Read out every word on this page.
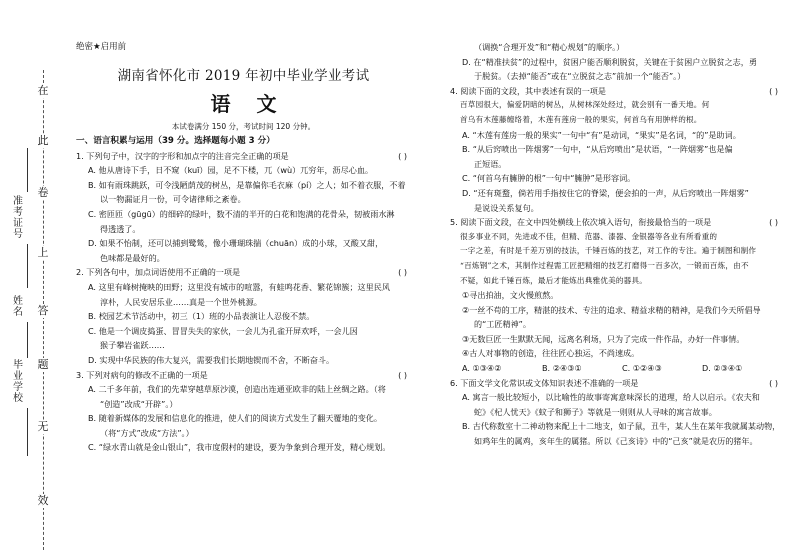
在
此
卷
上
答
题
无
效
准考证号
姓名
毕业学校
绝密★启用前
湖南省怀化市 2019 年初中毕业学业考试
语文
本试卷满分 150 分，考试时间 120 分钟。
一、语言积累与运用（39 分。选择题每小题 3 分）
1. 下列句子中，汉字的字形和加点字的注音完全正确的项是	( )
A. 他从唐诗下手，日不窥（kuī）园，足不下楼，兀（wù）兀穷年，沥尽心血。
B. 如有雨珠跳跃，可令浅陋荫茂的树丛，是靠偏你毛衣麻（pí）之人；如不着衣服，不着
以一物漏证月一份，可令诸律师之紊卷。
C. 密匝匝（gūgū）的细碎的绿叶，数不清的半开的白花和饱满的花骨朵，韧被雨水淋
得透透了。
D. 如果不怡制，还可以捕到鹭鸶，像小珊瑚珠揣（chuān）成的小球，又酸又甜，
色味都是最好的。
2. 下列各句中，加点词语使用不正确的一项是	( )
A. 这里有峰树掩映的田野；这里没有城市的喧嚣，有蛙鸣花香、繁花锦簇；这里民风
淳朴，人民安居乐业……真是一个世外桃源。
B. 校园艺术节活动中，初三（1）班的小品表演让人忍俊不禁。
C. 他是一个调皮捣蛋、冒冒失失的家伙，一会儿为孔雀开屏欢呼，一会儿因
猴子攀岩雀跃……
D. 实现中华民族的伟大复兴，需要我们长期地锲而不舍，不断奋斗。
3. 下列对病句的修改不正确的一项是	( )
A. 二千多年前，我们的先辈穿越草原沙漠，创造出连通亚欧非的陆上丝绸之路。（将
“创造”改成“开辟”。）
B. 随着新媒体的发展和信息化的推进，使人们的阅读方式发生了翻天覆地的变化。
（将“方式”改成“方法”。）
C. “绿水青山就是金山银山”，我市度假村的建设，要为争象到合理开发，精心规划。
（调换“合理开发”和“精心规划”的顺序。）
D. 在“精准扶贫”的过程中，贫困户能否顺利脱贫，关键在于贫困户立脱贫之志，勇
于脱贫。（去掉“能否”或在“立脱贫之志”前加一个“能否”。）
4. 阅读下面的文段，其中表述有误的一项是	( )
百草园很大，偏爱阴暗的树丛，从树林深处经过，就会别有一番天地。何
首乌有木莲藤缠络着，木莲有莲房一般的果实，何首乌有用肿样的根。
A. “木莲有莲房一般的果实”一句中“有”是动词，“果实”是名词，“的”是助词。
B. “从后窍喷出一阵烟雾”一句中，“从后窍喷出”是状语，“一阵烟雾”也是偏
正短语。
C. “何首乌有臃肿的根”一句中“臃肿”是形容词。
D. “还有斑蝥，倘若用手指按住它的脊梁，便会拍的一声，从后窍喷出一阵烟雾”
是说设关系复句。
5. 阅读下面文段，在文中四处横线上依次填入语句，衔接最恰当的一项是	( )
很多事业不同，先进或不佳，但精、范器、漆器、金银器等各业有所看重的
一字之差，有时是千差万别的技法，千锤百炼的技艺，对工作的专注。遍于制图和制作
“百炼钢”之术，其制作过程需工匠把精细的技艺打磨得一百多次，一锻而百炼，由不
不疑，如此千锤百炼，最后才能炼出典雅优美的器具。
①寻出拍油，文火慢煎熬。
②一丝不苟的工序，精湛的技术、专注的追求、精益求精的精神，是我们今天所倡导
的“工匠精神”。
③无数巨匠一生默默无闻，远离名利场，只为了完成一件作品，办好一件事情。
④古人对事物的创造，往往匠心独运，不尚速成。
A. ①③④②	B. ②④③①	C. ①②④③	D. ②③④①
6. 下面文学文化常识或文体知识表述不准确的一项是	( )
A. 寓言一般比较短小，以比喻性的故事寄寓意味深长的道理，给人以启示。《农夫和
蛇》《杞人忧天》《蚊子和狮子》等就是一则则从人寻味的寓言故事。
B. 古代称数室十二神动物来配上十二地支，如子鼠，丑牛，某人生在某年我就属某动物，
如鸡年生的属鸡，亥年生的属猪。所以《己亥诗》中的“己亥”就是农历的猪年。
